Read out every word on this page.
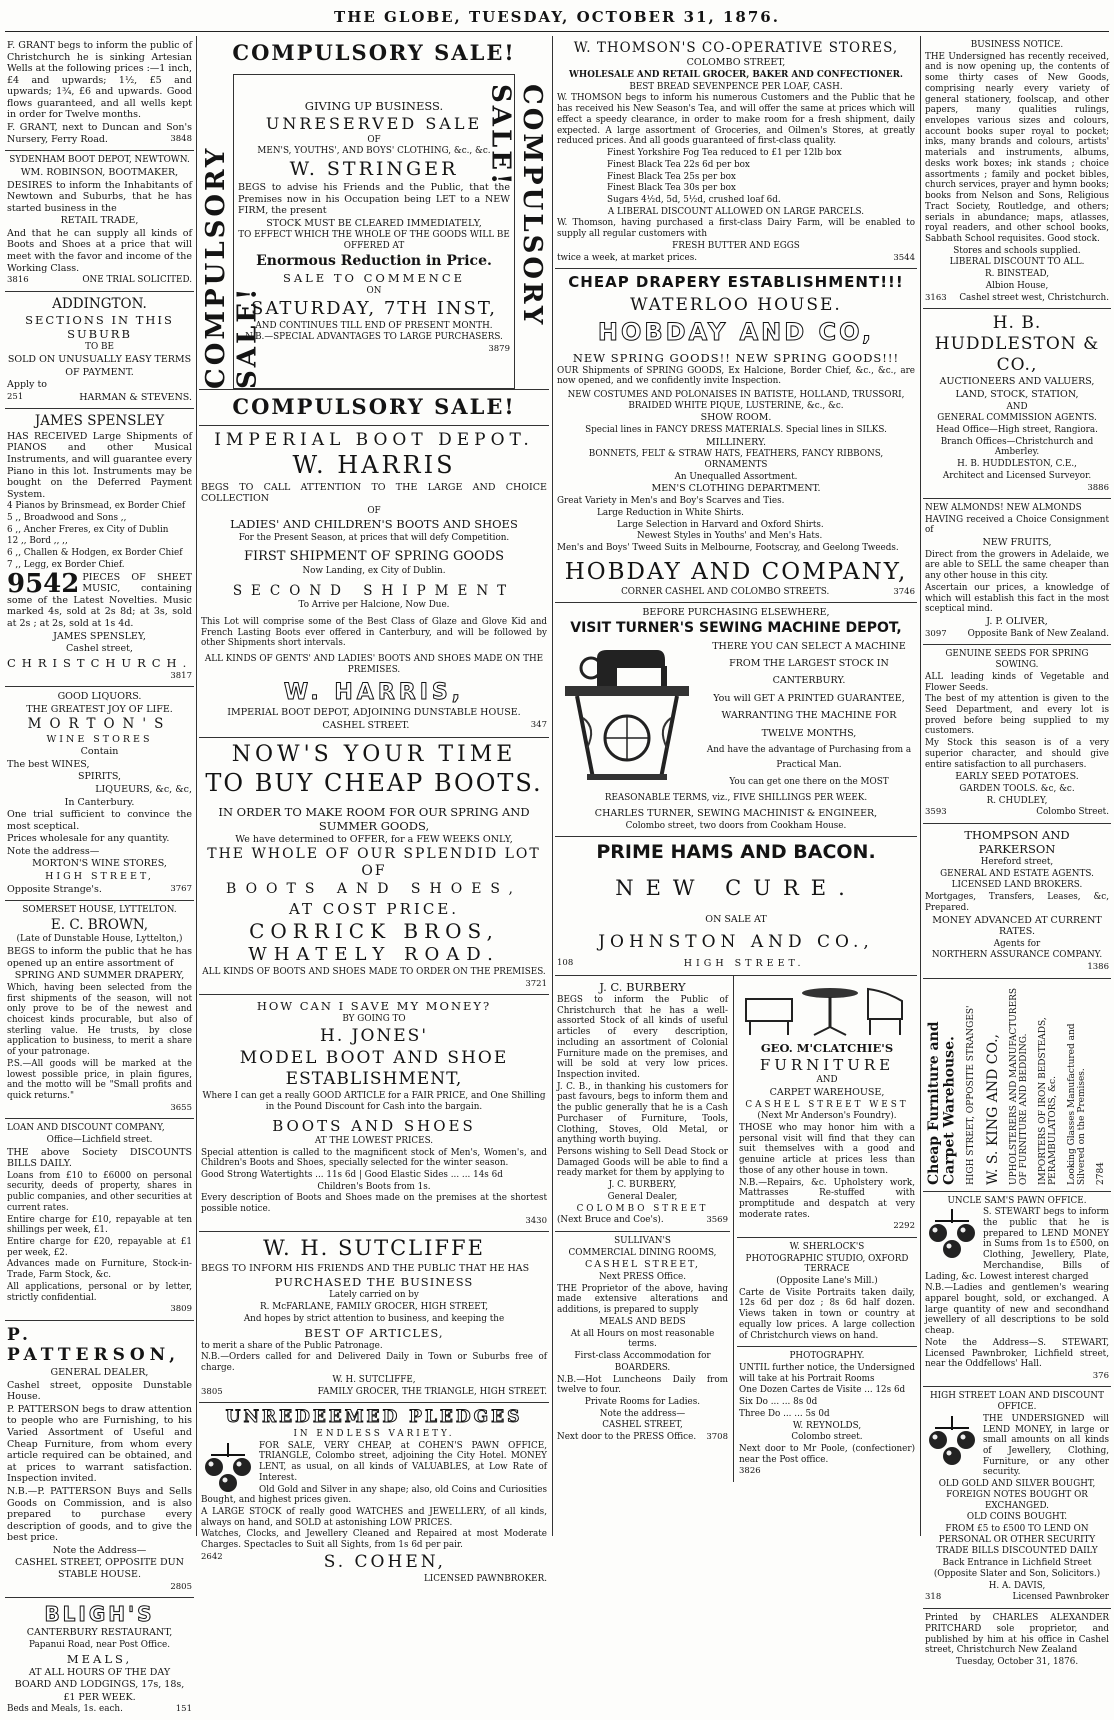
THE GLOBE, TUESDAY, OCTOBER 31, 1876.

F. GRANT begs to inform the public of Christchurch he is sinking Artesian Wells at the following prices :—1 inch, £4 and upwards; 1½, £5 and upwards; 1¾, £6 and upwards. Good flows guaranteed, and all wells kept in order for Twelve months.

F. GRANT, next to Duncan and Son's Nursery, Ferry Road.	3848

SYDENHAM BOOT DEPOT, NEWTOWN.

WM. ROBINSON, BOOTMAKER,

DESIRES to inform the Inhabitants of Newtown and Suburbs, that he has started business in the

RETAIL TRADE,

And that he can supply all kinds of Boots and Shoes at a price that will meet with the favor and income of the Working Class.

3816	ONE TRIAL SOLICITED.

ADDINGTON.

SECTIONS IN THIS SUBURB

TO BE

SOLD ON UNUSUALLY EASY TERMS

OF PAYMENT.

Apply to

251	HARMAN & STEVENS.

JAMES SPENSLEY

HAS RECEIVED Large Shipments of PIANOS and other Musical Instruments, and will guarantee every Piano in this lot. Instruments may be bought on the Deferred Payment System.

4 Pianos by Brinsmead, ex Border Chief

5 ,, Broadwood and Sons ,,

6 ,, Ancher Freres, ex City of Dublin

12 ,, Bord ,, ,,

6 ,, Challen & Hodgen, ex Border Chief

7 ,, Legg, ex Border Chief.

9542 PIECES OF SHEET MUSIC, containing some of the Latest Novelties. Music marked 4s, sold at 2s 8d; at 3s, sold at 2s ; at 2s, sold at 1s 4d.

JAMES SPENSLEY,

Cashel street,

CHRISTCHURCH.

3817

GOOD LIQUORS.

THE GREATEST JOY OF LIFE.

MORTON'S

WINE STORES

Contain

The best WINES,

SPIRITS,

LIQUEURS, &c, &c,

In Canterbury.

One trial sufficient to convince the most sceptical.

Prices wholesale for any quantity.

Note the address—

MORTON'S WINE STORES,

HIGH STREET,

Opposite Strange's.	3767

SOMERSET HOUSE, LYTTELTON.

E. C. BROWN,

(Late of Dunstable House, Lyttelton,)

BEGS to inform the public that he has opened up an entire assortment of

SPRING AND SUMMER DRAPERY,

Which, having been selected from the first shipments of the season, will not only prove to be of the newest and choicest kinds procurable, but also of sterling value. He trusts, by close application to business, to merit a share of your patronage.

P.S.—All goods will be marked at the lowest possible price, in plain figures, and the motto will be "Small profits and quick returns."

3655

LOAN AND DISCOUNT COMPANY,

Office—Lichfield street.

THE above Society DISCOUNTS BILLS DAILY.

Loans from £10 to £6000 on personal security, deeds of property, shares in public companies, and other securities at current rates.

Entire charge for £10, repayable at ten shillings per week, £1.

Entire charge for £20, repayable at £1 per week, £2.

Advances made on Furniture, Stock-in-Trade, Farm Stock, &c.

All applications, personal or by letter, strictly confidential.

3809

P. PATTERSON,

GENERAL DEALER,

Cashel street, opposite Dunstable House.

P. PATTERSON begs to draw attention to people who are Furnishing, to his Varied Assortment of Useful and Cheap Furniture, from whom every article required can be obtained, and at prices to warrant satisfaction. Inspection invited.

N.B.—P. PATTERSON Buys and Sells Goods on Commission, and is also prepared to purchase every description of goods, and to give the best price.

Note the Address—

CASHEL STREET, OPPOSITE DUN STABLE HOUSE.

2805

BLIGH'S

CANTERBURY RESTAURANT,

Papanui Road, near Post Office.

MEALS,

AT ALL HOURS OF THE DAY

BOARD AND LODGINGS, 17s, 18s,

£1 PER WEEK.

Beds and Meals, 1s. each.	151

COMPULSORY SALE!

COMPULSORY SALE!

GIVING UP BUSINESS.

UNRESERVED SALE

OF

MEN'S, YOUTHS', AND BOYS' CLOTHING, &c., &c.

W. STRINGER

BEGS to advise his Friends and the Public, that the Premises now in his Occupation being LET to a NEW FIRM, the present

STOCK MUST BE CLEARED IMMEDIATELY,

TO EFFECT WHICH THE WHOLE OF THE GOODS WILL BE OFFERED AT

Enormous Reduction in Price.

SALE TO COMMENCE

ON

SATURDAY, 7TH INST,

AND CONTINUES TILL END OF PRESENT MONTH.

N.B.—SPECIAL ADVANTAGES TO LARGE PURCHASERS.

3879

COMPULSORY SALE!

COMPULSORY SALE!

IMPERIAL BOOT DEPOT.

W. HARRIS

BEGS TO CALL ATTENTION TO THE LARGE AND CHOICE COLLECTION

OF

LADIES' AND CHILDREN'S BOOTS AND SHOES

For the Present Season, at prices that will defy Competition.

FIRST SHIPMENT OF SPRING GOODS

Now Landing, ex City of Dublin.

SECOND SHIPMENT

To Arrive per Halcione, Now Due.

This Lot will comprise some of the Best Class of Glaze and Glove Kid and French Lasting Boots ever offered in Canterbury, and will be followed by other Shipments short intervals.

ALL KINDS OF GENTS' AND LADIES' BOOTS AND SHOES MADE ON THE PREMISES.

W. HARRIS,

IMPERIAL BOOT DEPOT, ADJOINING DUNSTABLE HOUSE.

CASHEL STREET.	347

NOW'S YOUR TIME

TO BUY CHEAP BOOTS.

IN ORDER TO MAKE ROOM FOR OUR SPRING AND SUMMER GOODS,

We have determined to OFFER, for a FEW WEEKS ONLY,

THE WHOLE OF OUR SPLENDID LOT OF

BOOTS AND SHOES,

AT COST PRICE.

CORRICK BROS,

WHATELY ROAD.

ALL KINDS OF BOOTS AND SHOES MADE TO ORDER ON THE PREMISES.

3721

HOW CAN I SAVE MY MONEY?

BY GOING TO

H. JONES'

MODEL BOOT AND SHOE

ESTABLISHMENT,

Where I can get a really GOOD ARTICLE for a FAIR PRICE, and One Shilling in the Pound Discount for Cash into the bargain.

BOOTS AND SHOES

AT THE LOWEST PRICES.

Special attention is called to the magnificent stock of Men's, Women's, and Children's Boots and Shoes, specially selected for the winter season.

Good Strong Watertights ... 11s 6d | Good Elastic Sides ... ... 14s 6d

Children's Boots from 1s.

Every description of Boots and Shoes made on the premises at the shortest possible notice.

3430

W. H. SUTCLIFFE

BEGS TO INFORM HIS FRIENDS AND THE PUBLIC THAT HE HAS

PURCHASED THE BUSINESS

Lately carried on by

R. McFARLANE, FAMILY GROCER, HIGH STREET,

And hopes by strict attention to business, and keeping the

BEST OF ARTICLES,

to merit a share of the Public Patronage.

N.B.—Orders called for and Delivered Daily in Town or Suburbs free of charge.

W. H. SUTCLIFFE,

3805	FAMILY GROCER, THE TRIANGLE, HIGH STREET.

UNREDEEMED PLEDGES

IN ENDLESS VARIETY.

FOR SALE, VERY CHEAP, at COHEN'S PAWN OFFICE, TRIANGLE, Colombo street, adjoining the City Hotel. MONEY LENT, as usual, on all kinds of VALUABLES, at Low Rate of Interest.

Old Gold and Silver in any shape; also, old Coins and Curiosities Bought, and highest prices given.

A LARGE STOCK of really good WATCHES and JEWELLERY, of all kinds, always on hand, and SOLD at astonishing LOW PRICES.

Watches, Clocks, and Jewellery Cleaned and Repaired at most Moderate Charges. Spectacles to Suit all Sights, from 1s 6d per pair.

2642	S. COHEN,

LICENSED PAWNBROKER.

W. THOMSON'S CO-OPERATIVE STORES,

COLOMBO STREET,

WHOLESALE AND RETAIL GROCER, BAKER AND CONFECTIONER.

BEST BREAD SEVENPENCE PER LOAF, CASH.

W. THOMSON begs to inform his numerous Customers and the Public that he has received his New Season's Tea, and will offer the same at prices which will effect a speedy clearance, in order to make room for a fresh shipment, daily expected. A large assortment of Groceries, and Oilmen's Stores, at greatly reduced prices. And all goods guaranteed of first-class quality.

Finest Yorkshire Fog Tea reduced to £1 per 12lb box

Finest Black Tea 22s 6d per box

Finest Black Tea 25s per box

Finest Black Tea 30s per box

Sugars 4½d, 5d, 5½d, crushed loaf 6d.

A LIBERAL DISCOUNT ALLOWED ON LARGE PARCELS.

W. Thomson, having purchased a first-class Dairy Farm, will be enabled to supply all regular customers with

FRESH BUTTER AND EGGS

twice a week, at market prices.	3544

CHEAP DRAPERY ESTABLISHMENT!!!

WATERLOO HOUSE.

HOBDAY AND CO,

NEW SPRING GOODS!! NEW SPRING GOODS!!!

OUR Shipments of SPRING GOODS, Ex Halcione, Border Chief, &c., &c., are now opened, and we confidently invite Inspection.

NEW COSTUMES AND POLONAISES IN BATISTE, HOLLAND, TRUSSORI, BRAIDED WHITE PIQUE, LUSTERINE, &c., &c.

SHOW ROOM.

Special lines in FANCY DRESS MATERIALS. Special lines in SILKS.

MILLINERY.

BONNETS, FELT & STRAW HATS, FEATHERS, FANCY RIBBONS, ORNAMENTS

An Unequalled Assortment.

MEN'S CLOTHING DEPARTMENT.

Great Variety in Men's and Boy's Scarves and Ties.

Large Reduction in White Shirts.

Large Selection in Harvard and Oxford Shirts.

Newest Styles in Youths' and Men's Hats.

Men's and Boys' Tweed Suits in Melbourne, Footscray, and Geelong Tweeds.

HOBDAY AND COMPANY,

CORNER CASHEL AND COLOMBO STREETS.	3746

BEFORE PURCHASING ELSEWHERE,

VISIT TURNER'S SEWING MACHINE DEPOT,

THERE YOU CAN SELECT A MACHINE FROM THE LARGEST STOCK IN CANTERBURY.

You will GET A PRINTED GUARANTEE, WARRANTING THE MACHINE FOR TWELVE MONTHS,

And have the advantage of Purchasing from a Practical Man.

You can get one there on the MOST REASONABLE TERMS, viz., FIVE SHILLINGS PER WEEK.

CHARLES TURNER, SEWING MACHINIST & ENGINEER,

Colombo street, two doors from Cookham House.

PRIME HAMS AND BACON.

NEW CURE.

ON SALE AT

JOHNSTON AND CO.,

108	HIGH STREET.

J. C. BURBERY

BEGS to inform the Public of Christchurch that he has a well-assorted Stock of all kinds of useful articles of every description, including an assortment of Colonial Furniture made on the premises, and will be sold at very low prices. Inspection invited.

J. C. B., in thanking his customers for past favours, begs to inform them and the public generally that he is a Cash Purchaser of Furniture, Tools, Clothing, Stoves, Old Metal, or anything worth buying.

Persons wishing to Sell Dead Stock or Damaged Goods will be able to find a ready market for them by applying to

J. C. BURBERY,

General Dealer,

COLOMBO STREET

(Next Bruce and Coe's).	3569

SULLIVAN'S

COMMERCIAL DINING ROOMS,

CASHEL STREET,

Next PRESS Office.

THE Proprietor of the above, having made extensive alterations and additions, is prepared to supply

MEALS AND BEDS

At all Hours on most reasonable terms.

First-class Accommodation for

BOARDERS.

N.B.—Hot Luncheons Daily from twelve to four.

Private Rooms for Ladies.

Note the address—

CASHEL STREET,

Next door to the PRESS Office. 3708

GEO. M'CLATCHIE'S

FURNITURE

AND

CARPET WAREHOUSE,

CASHEL STREET WEST

(Next Mr Anderson's Foundry).

THOSE who may honor him with a personal visit will find that they can suit themselves with a good and genuine article at prices less than those of any other house in town.

N.B.—Repairs, &c. Upholstery work, Mattrasses Re-stuffed with promptitude and despatch at very moderate rates.

2292

W. SHERLOCK'S

PHOTOGRAPHIC STUDIO, OXFORD TERRACE

(Opposite Lane's Mill.)

Carte de Visite Portraits taken daily, 12s 6d per doz ; 8s 6d half dozen. Views taken in town or country at equally low prices. A large collection of Christchurch views on hand.

PHOTOGRAPHY.

UNTIL further notice, the Undersigned will take at his Portrait Rooms

One Dozen Cartes de Visite ... 12s 6d

Six Do ... ... 8s 0d

Three Do ... ... 5s 0d

W. REYNOLDS,

Colombo street.

Next door to Mr Poole, (confectioner) near the Post office.

3826

BUSINESS NOTICE.

THE Undersigned has recently received, and is now opening up, the contents of some thirty cases of New Goods, comprising nearly every variety of general stationery, foolscap, and other papers, many qualities rulings, envelopes various sizes and colours, account books super royal to pocket; inks, many brands and colours, artists' materials and instruments, albums, desks work boxes; ink stands ; choice assortments ; family and pocket bibles, church services, prayer and hymn books; books from Nelson and Sons, Religious Tract Society, Routledge, and others; serials in abundance; maps, atlasses, royal readers, and other school books, Sabbath School requisites. Good stock.

Stores and schools supplied.

LIBERAL DISCOUNT TO ALL.

R. BINSTEAD,

Albion House,

3163 Cashel street west, Christchurch.

H. B. HUDDLESTON & CO.,

AUCTIONEERS AND VALUERS,

LAND, STOCK, STATION,

AND

GENERAL COMMISSION AGENTS.

Head Office—High street, Rangiora.

Branch Offices—Christchurch and Amberley.

H. B. HUDDLESTON, C.E.,

Architect and Licensed Surveyor.

3886

NEW ALMONDS! NEW ALMONDS

HAVING received a Choice Consignment of

NEW FRUITS,

Direct from the growers in Adelaide, we are able to SELL the same cheaper than any other house in this city.

Ascertain our prices, a knowledge of which will establish this fact in the most sceptical mind.

J. P. OLIVER,

3097 Opposite Bank of New Zealand.

GENUINE SEEDS FOR SPRING SOWING.

ALL leading kinds of Vegetable and Flower Seeds.

The best of my attention is given to the Seed Department, and every lot is proved before being supplied to my customers.

My Stock this season is of a very superior character, and should give entire satisfaction to all purchasers.

EARLY SEED POTATOES.

GARDEN TOOLS. &c, &c.

R. CHUDLEY,

3593	Colombo Street.

THOMPSON AND PARKERSON

Hereford street,

GENERAL AND ESTATE AGENTS.

LICENSED LAND BROKERS.

Mortgages, Transfers, Leases, &c, Prepared.

MONEY ADVANCED AT CURRENT RATES.

Agents for

NORTHERN ASSURANCE COMPANY.

1386

Cheap Furniture and Carpet Warehouse. HIGH STREET, OPPOSITE STRANGES' W. S. KING AND CO., UPHOLSTERERS AND MANUFACTURERS OF FURNITURE AND BEDDING. IMPORTERS OF IRON BEDSTEADS, PERAMBULATORS, &c. Looking Glasses Manufactured and Silvered on the Premises. 2784

UNCLE SAM'S PAWN OFFICE.

S. STEWART begs to inform the public that he is prepared to LEND MONEY in Sums from 1s to £500, on Clothing, Jewellery, Plate, Merchandise, Bills of Lading, &c. Lowest interest charged

N.B.—Ladies and gentlemen's wearing apparel bought, sold, or exchanged. A large quantity of new and secondhand jewellery of all descriptions to be sold cheap.

Note the Address—S. STEWART, Licensed Pawnbroker, Lichfield street, near the Oddfellows' Hall.

376

HIGH STREET LOAN AND DISCOUNT OFFICE.

THE UNDERSIGNED will LEND MONEY, in large or small amounts on all kinds of Jewellery, Clothing, Furniture, or any other security.

OLD GOLD AND SILVER BOUGHT, FOREIGN NOTES BOUGHT OR EXCHANGED.

OLD COINS BOUGHT.

FROM £5 to £500 TO LEND ON PERSONAL OR OTHER SECURITY

TRADE BILLS DISCOUNTED DAILY

Back Entrance in Lichfield Street (Opposite Slater and Son, Solicitors.)

H. A. DAVIS,

318	Licensed Pawnbroker

Printed by CHARLES ALEXANDER PRITCHARD sole proprietor, and published by him at his office in Cashel street, Christchurch New Zealand

Tuesday, October 31, 1876.
